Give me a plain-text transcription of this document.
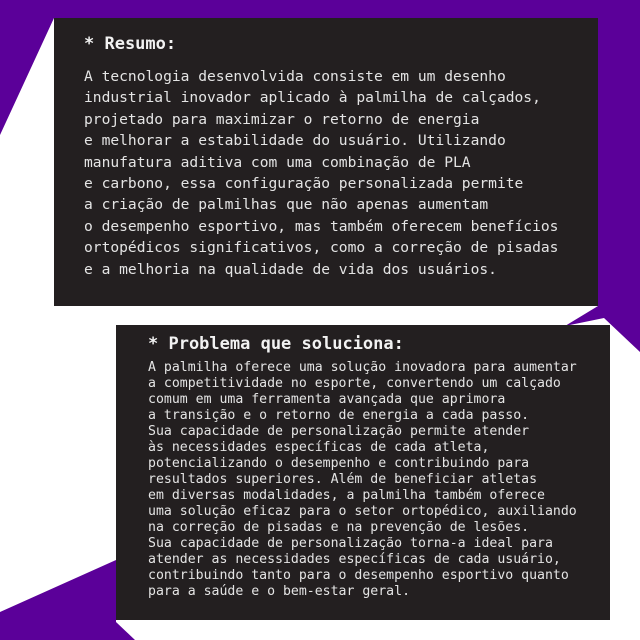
* Resumo:
A tecnologia desenvolvida consiste em um desenho
industrial inovador aplicado à palmilha de calçados,
projetado para maximizar o retorno de energia
e melhorar a estabilidade do usuário. Utilizando
manufatura aditiva com uma combinação de PLA
e carbono, essa configuração personalizada permite
a criação de palmilhas que não apenas aumentam
o desempenho esportivo, mas também oferecem benefícios
ortopédicos significativos, como a correção de pisadas
e a melhoria na qualidade de vida dos usuários.
* Problema que soluciona:
A palmilha oferece uma solução inovadora para aumentar
a competitividade no esporte, convertendo um calçado
comum em uma ferramenta avançada que aprimora
a transição e o retorno de energia a cada passo.
Sua capacidade de personalização permite atender
às necessidades específicas de cada atleta,
potencializando o desempenho e contribuindo para
resultados superiores. Além de beneficiar atletas
em diversas modalidades, a palmilha também oferece
uma solução eficaz para o setor ortopédico, auxiliando
na correção de pisadas e na prevenção de lesões.
Sua capacidade de personalização torna-a ideal para
atender as necessidades específicas de cada usuário,
contribuindo tanto para o desempenho esportivo quanto
para a saúde e o bem-estar geral.
